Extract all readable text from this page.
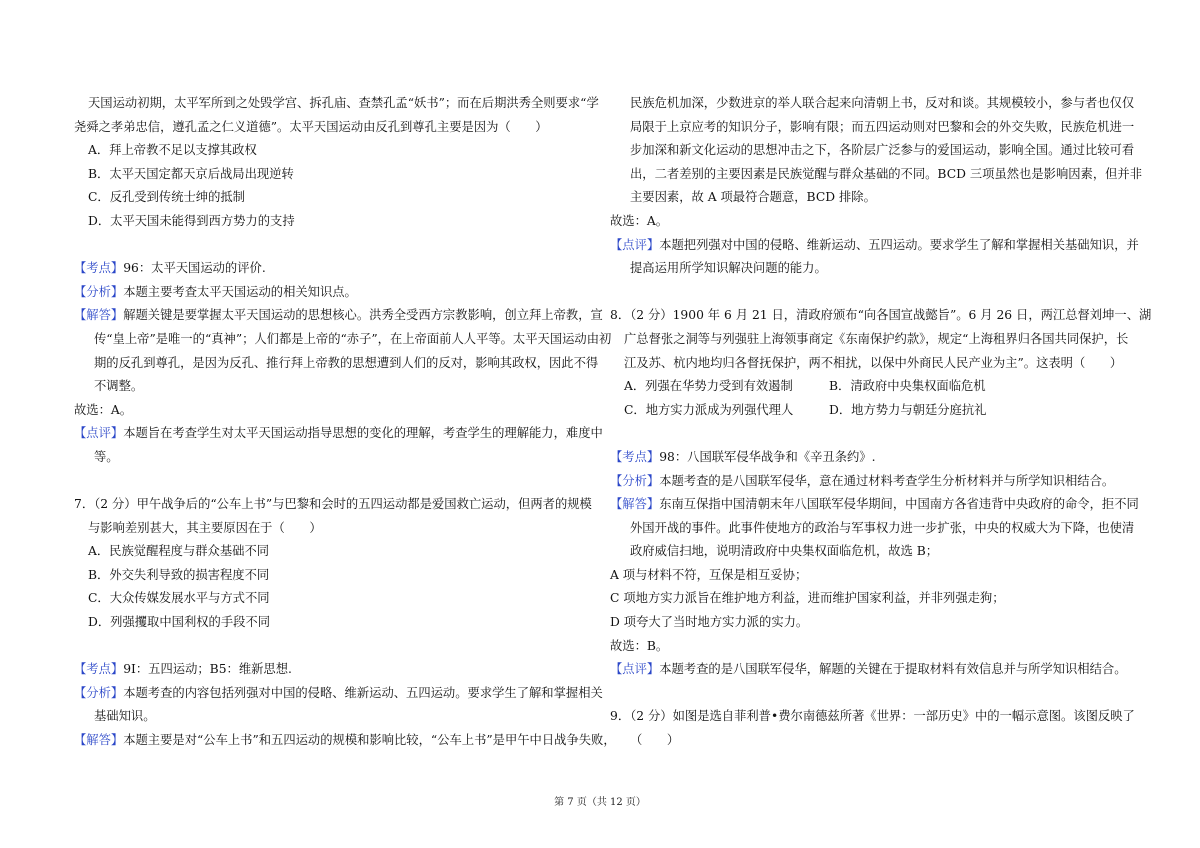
天国运动初期，太平军所到之处毁学宫、拆孔庙、查禁孔孟“妖书”；而在后期洪秀全则要求“学
尧舜之孝弟忠信，遵孔孟之仁义道德”。太平天国运动由反孔到尊孔主要是因为（　　）
A．拜上帝教不足以支撑其政权
B．太平天国定都天京后战局出现逆转
C．反孔受到传统士绅的抵制
D．太平天国未能得到西方势力的支持
【考点】96：太平天国运动的评价.
【分析】本题主要考查太平天国运动的相关知识点。
【解答】解题关键是要掌握太平天国运动的思想核心。洪秀全受西方宗教影响，创立拜上帝教，宣
传“皇上帝”是唯一的“真神”；人们都是上帝的“赤子”，在上帝面前人人平等。太平天国运动由初
期的反孔到尊孔，是因为反孔、推行拜上帝教的思想遭到人们的反对，影响其政权，因此不得
不调整。
故选：A。
【点评】本题旨在考查学生对太平天国运动指导思想的变化的理解，考查学生的理解能力，难度中
等。
7．（2 分）甲午战争后的“公车上书”与巴黎和会时的五四运动都是爱国救亡运动，但两者的规模
与影响差别甚大，其主要原因在于（　　）
A．民族觉醒程度与群众基础不同
B．外交失利导致的损害程度不同
C．大众传媒发展水平与方式不同
D．列强攫取中国利权的手段不同
【考点】9I：五四运动；B5：维新思想.
【分析】本题考查的内容包括列强对中国的侵略、维新运动、五四运动。要求学生了解和掌握相关
基础知识。
【解答】本题主要是对“公车上书”和五四运动的规模和影响比较，“公车上书”是甲午中日战争失败，
民族危机加深，少数进京的举人联合起来向清朝上书，反对和谈。其规模较小，参与者也仅仅
局限于上京应考的知识分子，影响有限；而五四运动则对巴黎和会的外交失败，民族危机进一
步加深和新文化运动的思想冲击之下，各阶层广泛参与的爱国运动，影响全国。通过比较可看
出，二者差别的主要因素是民族觉醒与群众基础的不同。BCD 三项虽然也是影响因素，但并非
主要因素，故 A 项最符合题意，BCD 排除。
故选：A。
【点评】本题把列强对中国的侵略、维新运动、五四运动。要求学生了解和掌握相关基础知识，并
提高运用所学知识解决问题的能力。
8．（2 分）1900 年 6 月 21 日，清政府颁布“向各国宣战懿旨”。6 月 26 日，两江总督刘坤一、湖
广总督张之洞等与列强驻上海领事商定《东南保护约款》，规定“上海租界归各国共同保护，长
江及苏、杭内地均归各督抚保护，两不相扰，以保中外商民人民产业为主”。这表明（　　）
A．列强在华势力受到有效遏制	B．清政府中央集权面临危机
C．地方实力派成为列强代理人	D．地方势力与朝廷分庭抗礼
【考点】98：八国联军侵华战争和《辛丑条约》.
【分析】本题考查的是八国联军侵华，意在通过材料考查学生分析材料并与所学知识相结合。
【解答】东南互保指中国清朝末年八国联军侵华期间，中国南方各省违背中央政府的命令，拒不同
外国开战的事件。此事件使地方的政治与军事权力进一步扩张，中央的权威大为下降，也使清
政府威信扫地，说明清政府中央集权面临危机，故选 B；
A 项与材料不符，互保是相互妥协；
C 项地方实力派旨在维护地方利益，进而维护国家利益，并非列强走狗；
D 项夸大了当时地方实力派的实力。
故选：B。
【点评】本题考查的是八国联军侵华，解题的关键在于提取材料有效信息并与所学知识相结合。
9．（2 分）如图是选自菲利普•费尔南德兹所著《世界：一部历史》中的一幅示意图。该图反映了
（　　）
第 7 页（共 12 页）
